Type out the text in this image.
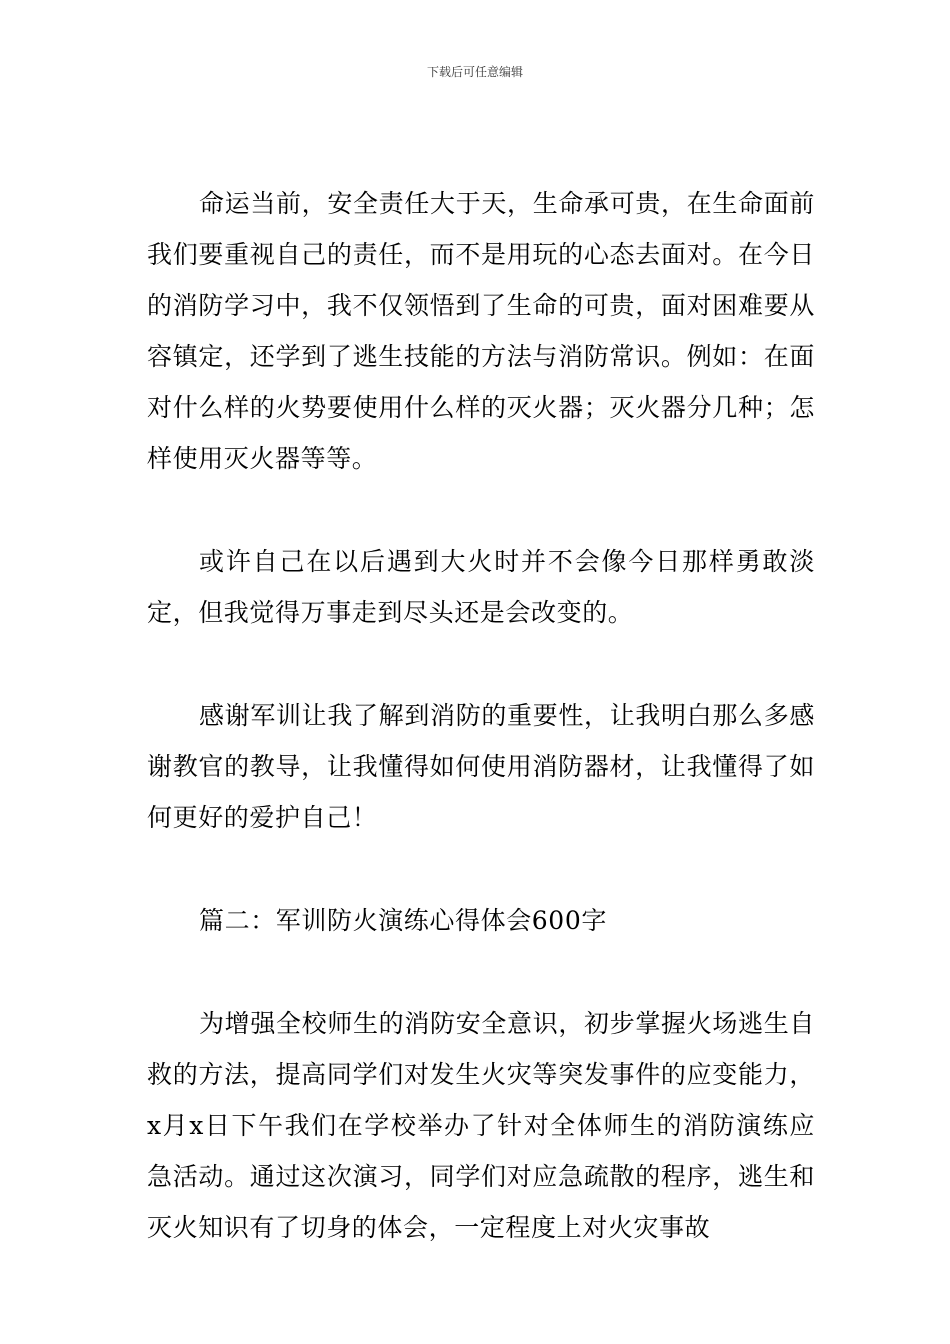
下载后可任意编辑

命运当前，安全责任大于天，生命承可贵，在生命面前我们要重视自己的责任，而不是用玩的心态去面对。在今日的消防学习中，我不仅领悟到了生命的可贵，面对困难要从容镇定，还学到了逃生技能的方法与消防常识。例如：在面对什么样的火势要使用什么样的灭火器；灭火器分几种；怎样使用灭火器等等。

或许自己在以后遇到大火时并不会像今日那样勇敢淡定，但我觉得万事走到尽头还是会改变的。

感谢军训让我了解到消防的重要性，让我明白那么多感谢教官的教导，让我懂得如何使用消防器材，让我懂得了如何更好的爱护自己！

篇二：军训防火演练心得体会600字

为增强全校师生的消防安全意识，初步掌握火场逃生自救的方法，提高同学们对发生火灾等突发事件的应变能力，x月x日下午我们在学校举办了针对全体师生的消防演练应急活动。通过这次演习，同学们对应急疏散的程序，逃生和灭火知识有了切身的体会，一定程度上对火灾事故
